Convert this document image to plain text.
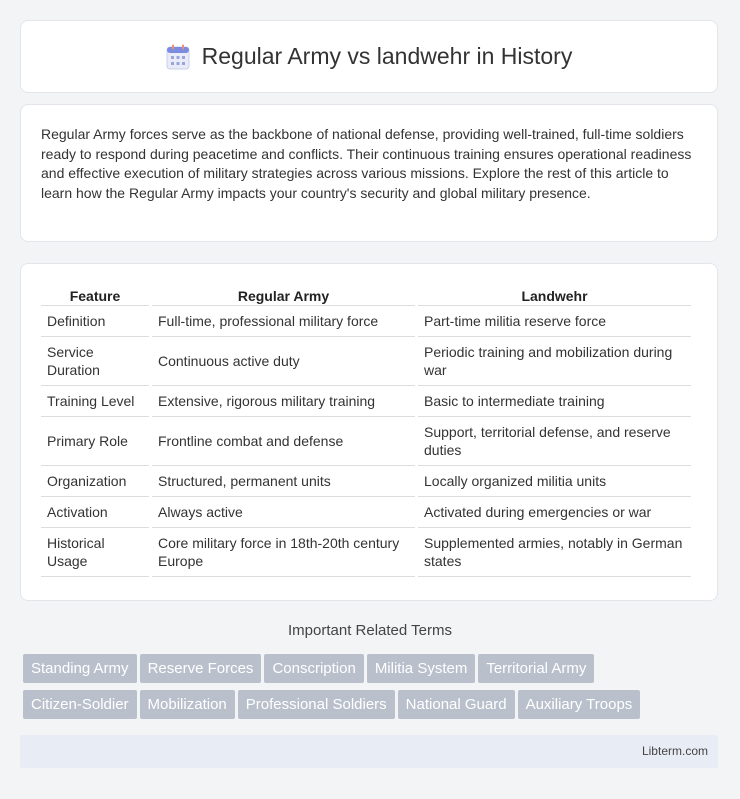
Regular Army vs landwehr in History

Regular Army forces serve as the backbone of national defense, providing well-trained, full-time soldiers ready to respond during peacetime and conflicts. Their continuous training ensures operational readiness and effective execution of military strategies across various missions. Explore the rest of this article to learn how the Regular Army impacts your country's security and global military presence.

Feature	Regular Army	Landwehr
Definition	Full-time, professional military force	Part-time militia reserve force
Service Duration	Continuous active duty	Periodic training and mobilization during war
Training Level	Extensive, rigorous military training	Basic to intermediate training
Primary Role	Frontline combat and defense	Support, territorial defense, and reserve duties
Organization	Structured, permanent units	Locally organized militia units
Activation	Always active	Activated during emergencies or war
Historical Usage	Core military force in 18th-20th century Europe	Supplemented armies, notably in German states
Important Related Terms
Standing Army Reserve Forces Conscription Militia System Territorial Army
Citizen-Soldier Mobilization Professional Soldiers National Guard Auxiliary Troops
Libterm.com
